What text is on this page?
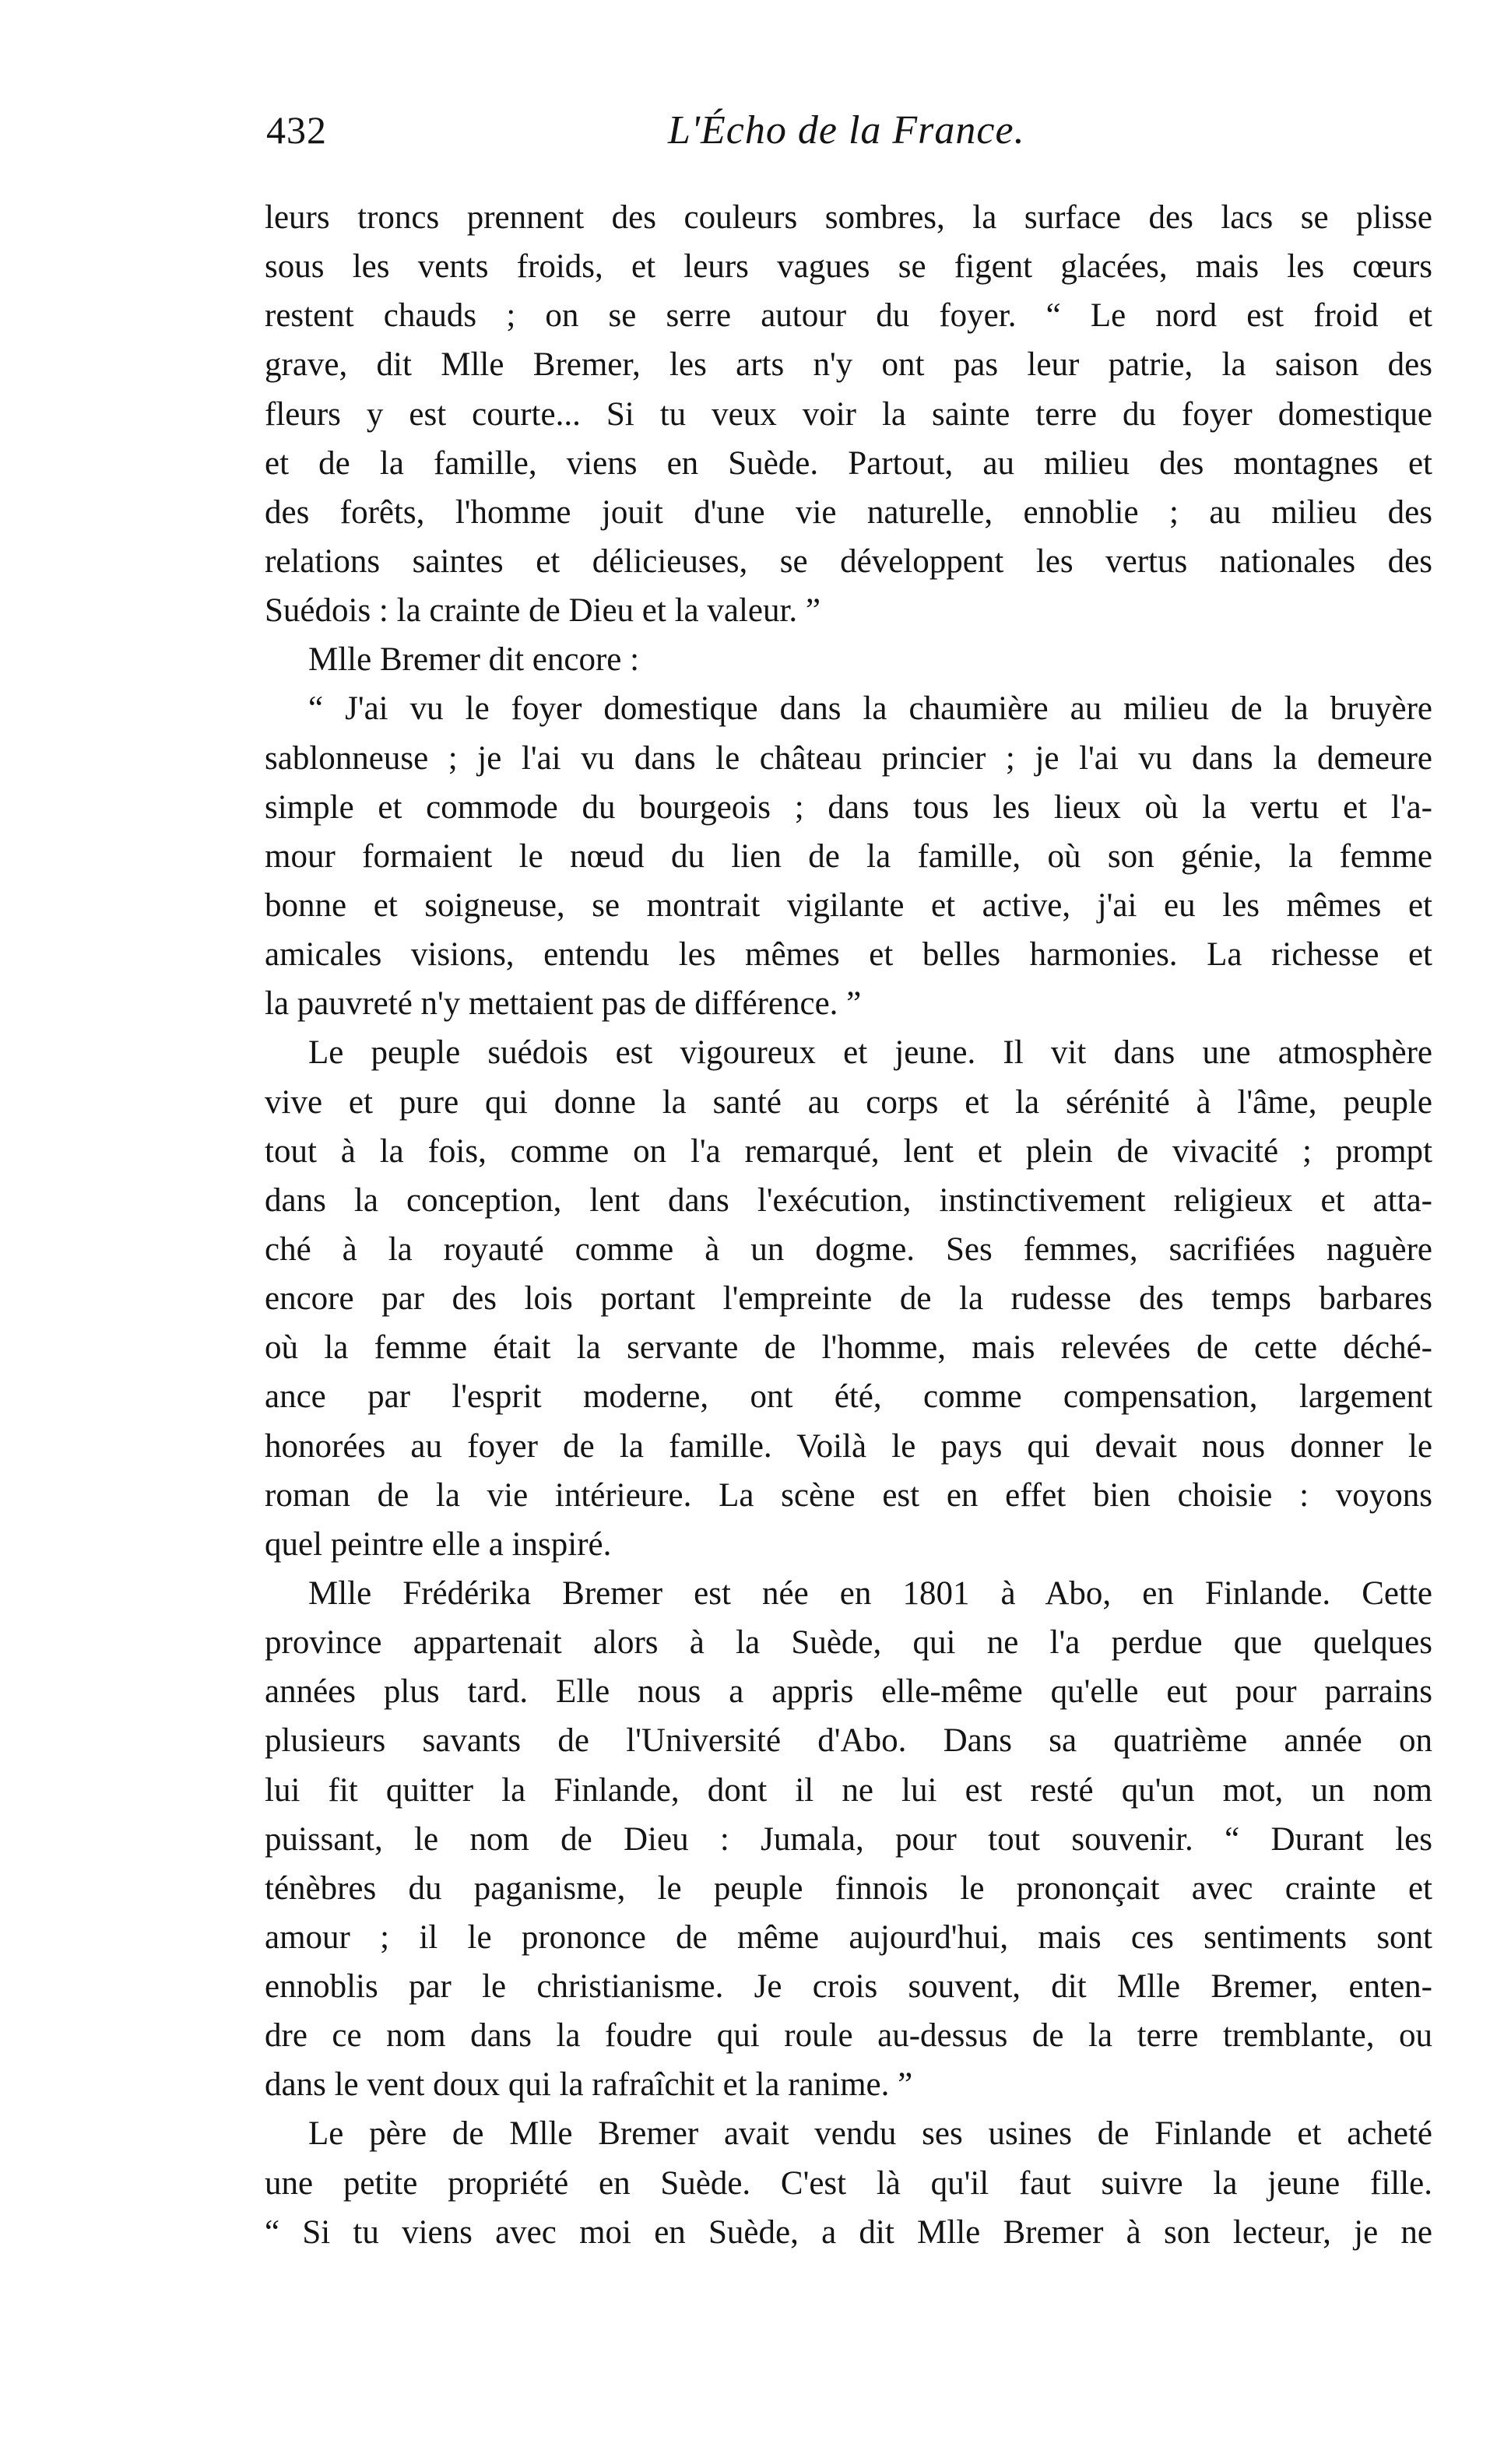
432	L'Écho de la France.
leurs troncs prennent des couleurs sombres, la surface des lacs se plisse
sous les vents froids, et leurs vagues se figent glacées, mais les cœurs
restent chauds ; on se serre autour du foyer. “ Le nord est froid et
grave, dit Mlle Bremer, les arts n'y ont pas leur patrie, la saison des
fleurs y est courte... Si tu veux voir la sainte terre du foyer domestique
et de la famille, viens en Suède. Partout, au milieu des montagnes et
des forêts, l'homme jouit d'une vie naturelle, ennoblie ; au milieu des
relations saintes et délicieuses, se développent les vertus nationales des
Suédois : la crainte de Dieu et la valeur. ”
Mlle Bremer dit encore :
“ J'ai vu le foyer domestique dans la chaumière au milieu de la bruyère
sablonneuse ; je l'ai vu dans le château princier ; je l'ai vu dans la demeure
simple et commode du bourgeois ; dans tous les lieux où la vertu et l'a-
mour formaient le nœud du lien de la famille, où son génie, la femme
bonne et soigneuse, se montrait vigilante et active, j'ai eu les mêmes et
amicales visions, entendu les mêmes et belles harmonies. La richesse et
la pauvreté n'y mettaient pas de différence. ”
Le peuple suédois est vigoureux et jeune. Il vit dans une atmosphère
vive et pure qui donne la santé au corps et la sérénité à l'âme, peuple
tout à la fois, comme on l'a remarqué, lent et plein de vivacité ; prompt
dans la conception, lent dans l'exécution, instinctivement religieux et atta-
ché à la royauté comme à un dogme. Ses femmes, sacrifiées naguère
encore par des lois portant l'empreinte de la rudesse des temps barbares
où la femme était la servante de l'homme, mais relevées de cette déché-
ance par l'esprit moderne, ont été, comme compensation, largement
honorées au foyer de la famille. Voilà le pays qui devait nous donner le
roman de la vie intérieure. La scène est en effet bien choisie : voyons
quel peintre elle a inspiré.
Mlle Frédérika Bremer est née en 1801 à Abo, en Finlande. Cette
province appartenait alors à la Suède, qui ne l'a perdue que quelques
années plus tard. Elle nous a appris elle-même qu'elle eut pour parrains
plusieurs savants de l'Université d'Abo. Dans sa quatrième année on
lui fit quitter la Finlande, dont il ne lui est resté qu'un mot, un nom
puissant, le nom de Dieu : Jumala, pour tout souvenir. “ Durant les
ténèbres du paganisme, le peuple finnois le prononçait avec crainte et
amour ; il le prononce de même aujourd'hui, mais ces sentiments sont
ennoblis par le christianisme. Je crois souvent, dit Mlle Bremer, enten-
dre ce nom dans la foudre qui roule au-dessus de la terre tremblante, ou
dans le vent doux qui la rafraîchit et la ranime. ”
Le père de Mlle Bremer avait vendu ses usines de Finlande et acheté
une petite propriété en Suède. C'est là qu'il faut suivre la jeune fille.
“ Si tu viens avec moi en Suède, a dit Mlle Bremer à son lecteur, je ne
